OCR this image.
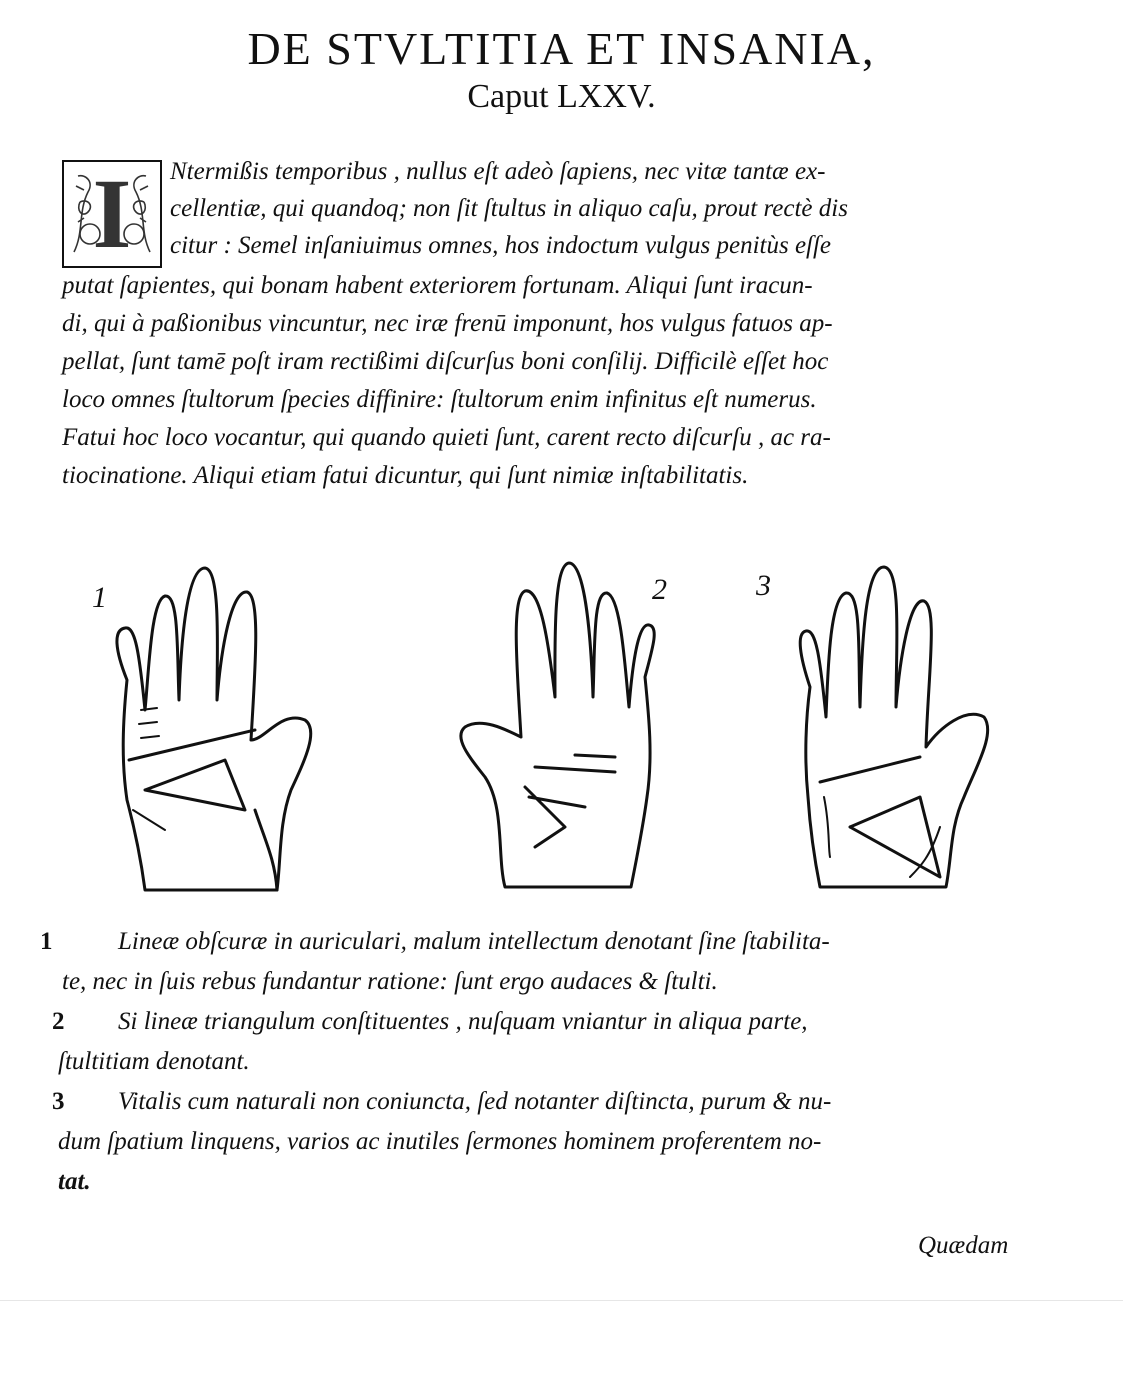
DE STVLTITIA ET INSANIA,
Caput LXXV.
I	Ntermißis temporibus , nullus eſt adeò ſapiens, nec vitæ tantæ ex-
cellentiæ, qui quandoq; non ſit ſtultus in aliquo caſu, prout rectè dis
citur : Semel inſaniuimus omnes, hos indoctum vulgus penitùs eſſe
putat ſapientes, qui bonam habent exteriorem fortunam. Aliqui ſunt iracun-
di, qui à paßionibus vincuntur, nec iræ frenū imponunt, hos vulgus fatuos ap-
pellat, ſunt tamē poſt iram rectißimi diſcurſus boni conſilij. Difficilè eſſet hoc
loco omnes ſtultorum ſpecies diffinire: ſtultorum enim infinitus eſt numerus.
Fatui hoc loco vocantur, qui quando quieti ſunt, carent recto diſcurſu , ac ra-
tiocinatione. Aliqui etiam fatui dicuntur, qui ſunt nimiæ inſtabilitatis.
1	2	3
1	Lineæ obſcuræ in auriculari, malum intellectum denotant ſine ſtabilita-
te, nec in ſuis rebus fundantur ratione: ſunt ergo audaces & ſtulti.
2 Si lineæ triangulum conſtituentes , nuſquam vniantur in aliqua parte,
ſtultitiam denotant.
3 Vitalis cum naturali non coniuncta, ſed notanter diſtincta, purum & nu-
dum ſpatium linquens, varios ac inutiles ſermones hominem proferentem no-
tat.
Quædam
